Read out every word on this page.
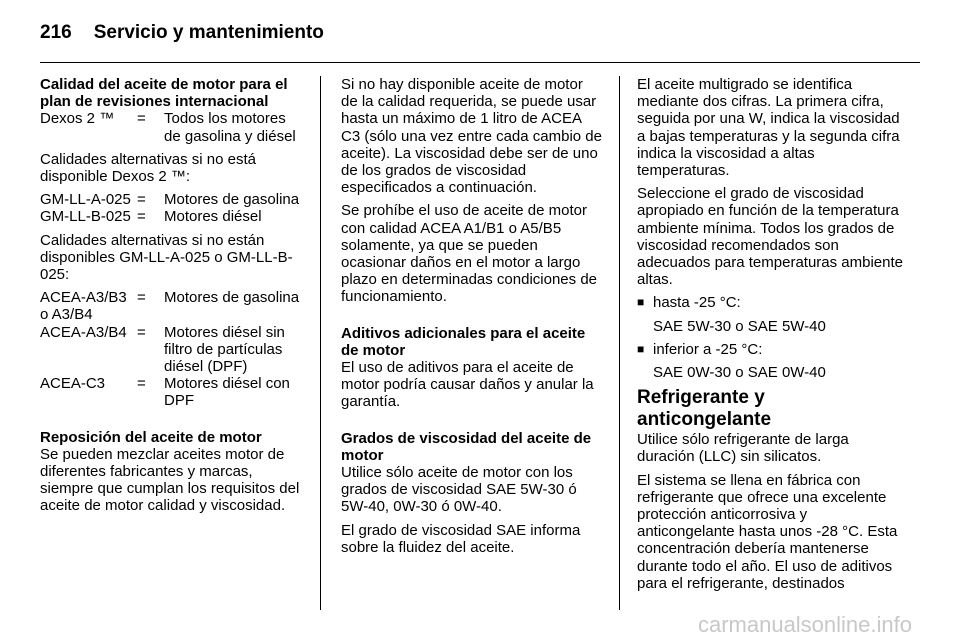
216 Servicio y mantenimiento

Calidad del aceite de motor para el plan de revisiones internacional

Dexos 2 ™	=	Todos los motores de gasolina y diésel

Calidades alternativas si no está disponible Dexos 2 ™:

GM-LL-A-025	=	Motores de gasolina
GM-LL-B-025	=	Motores diésel

Calidades alternativas si no están disponibles GM-LL-A-025 o GM-LL-B-025:

ACEA-A3/B3 o A3/B4	=	Motores de gasolina
ACEA-A3/B4	=	Motores diésel sin filtro de partículas diésel (DPF)
ACEA-C3	=	Motores diésel con DPF

Reposición del aceite de motor

Se pueden mezclar aceites motor de diferentes fabricantes y marcas, siempre que cumplan los requisitos del aceite de motor calidad y viscosidad.

Si no hay disponible aceite de motor de la calidad requerida, se puede usar hasta un máximo de 1 litro de ACEA C3 (sólo una vez entre cada cambio de aceite). La viscosidad debe ser de uno de los grados de viscosidad especificados a continuación.

Se prohíbe el uso de aceite de motor con calidad ACEA A1/B1 o A5/B5 solamente, ya que se pueden ocasionar daños en el motor a largo plazo en determinadas condiciones de funcionamiento.

Aditivos adicionales para el aceite de motor

El uso de aditivos para el aceite de motor podría causar daños y anular la garantía.

Grados de viscosidad del aceite de motor

Utilice sólo aceite de motor con los grados de viscosidad SAE 5W-30 ó 5W-40, 0W-30 ó 0W-40.

El grado de viscosidad SAE informa sobre la fluidez del aceite.

El aceite multigrado se identifica mediante dos cifras. La primera cifra, seguida por una W, indica la viscosidad a bajas temperaturas y la segunda cifra indica la viscosidad a altas temperaturas.

Seleccione el grado de viscosidad apropiado en función de la temperatura ambiente mínima. Todos los grados de viscosidad recomendados son adecuados para temperaturas ambiente altas.

■ hasta -25 °C:

SAE 5W-30 o SAE 5W-40

■ inferior a -25 °C:

SAE 0W-30 o SAE 0W-40

Refrigerante y anticongelante

Utilice sólo refrigerante de larga duración (LLC) sin silicatos.

El sistema se llena en fábrica con refrigerante que ofrece una excelente protección anticorrosiva y anticongelante hasta unos -28 °C. Esta concentración debería mantenerse durante todo el año. El uso de aditivos para el refrigerante, destinados

carmanualsonline.info
